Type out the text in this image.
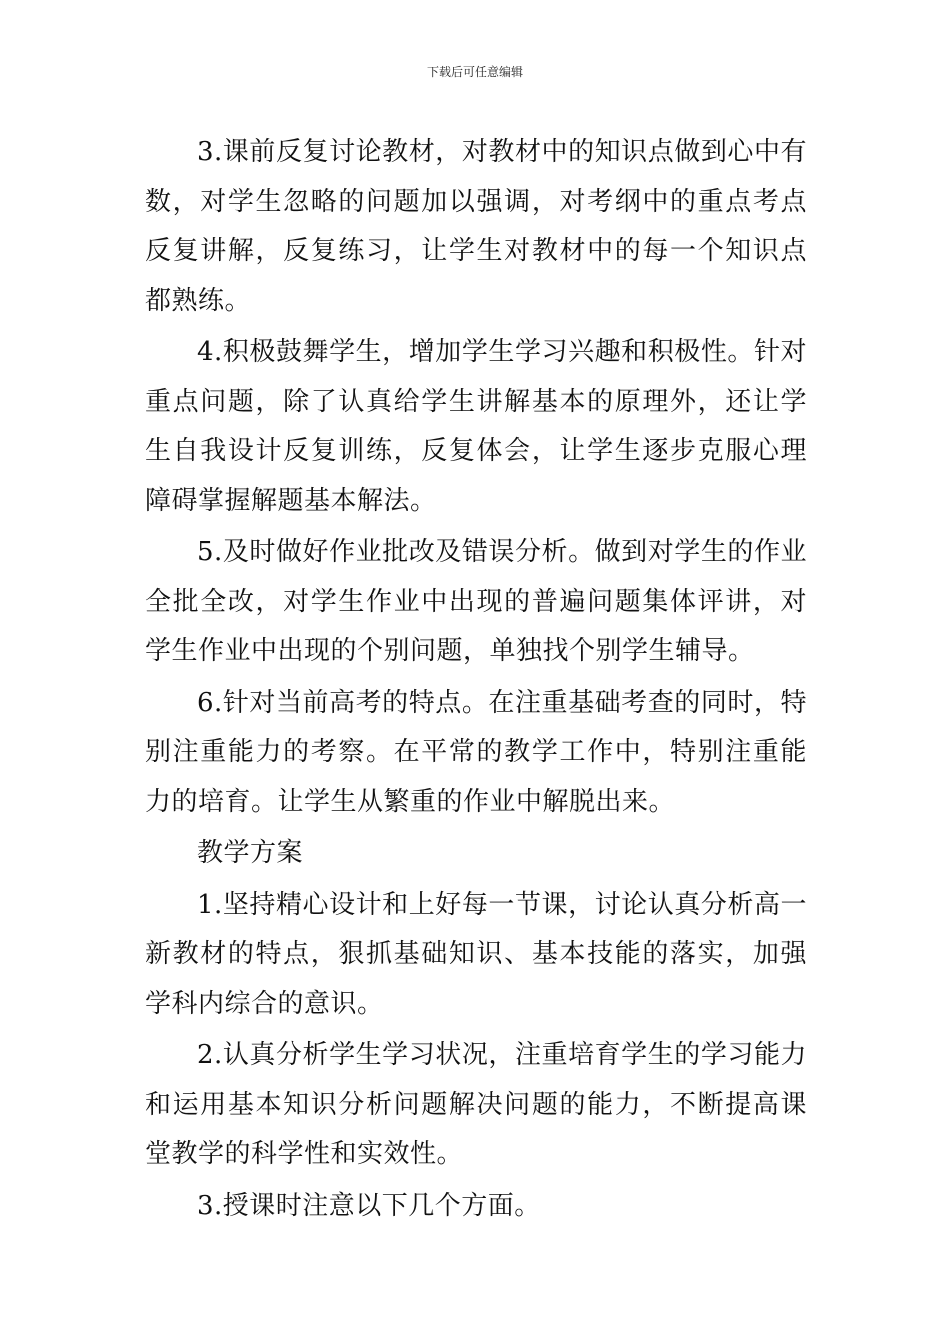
下载后可任意编辑

3.课前反复讨论教材，对教材中的知识点做到心中有数，对学生忽略的问题加以强调，对考纲中的重点考点反复讲解，反复练习，让学生对教材中的每一个知识点都熟练。

4.积极鼓舞学生，增加学生学习兴趣和积极性。针对重点问题，除了认真给学生讲解基本的原理外，还让学生自我设计反复训练，反复体会，让学生逐步克服心理障碍掌握解题基本解法。

5.及时做好作业批改及错误分析。做到对学生的作业全批全改，对学生作业中出现的普遍问题集体评讲，对学生作业中出现的个别问题，单独找个别学生辅导。

6.针对当前高考的特点。在注重基础考查的同时，特别注重能力的考察。在平常的教学工作中，特别注重能力的培育。让学生从繁重的作业中解脱出来。

教学方案

1.坚持精心设计和上好每一节课，讨论认真分析高一新教材的特点，狠抓基础知识、基本技能的落实，加强学科内综合的意识。

2.认真分析学生学习状况，注重培育学生的学习能力和运用基本知识分析问题解决问题的能力，不断提高课堂教学的科学性和实效性。

3.授课时注意以下几个方面。
